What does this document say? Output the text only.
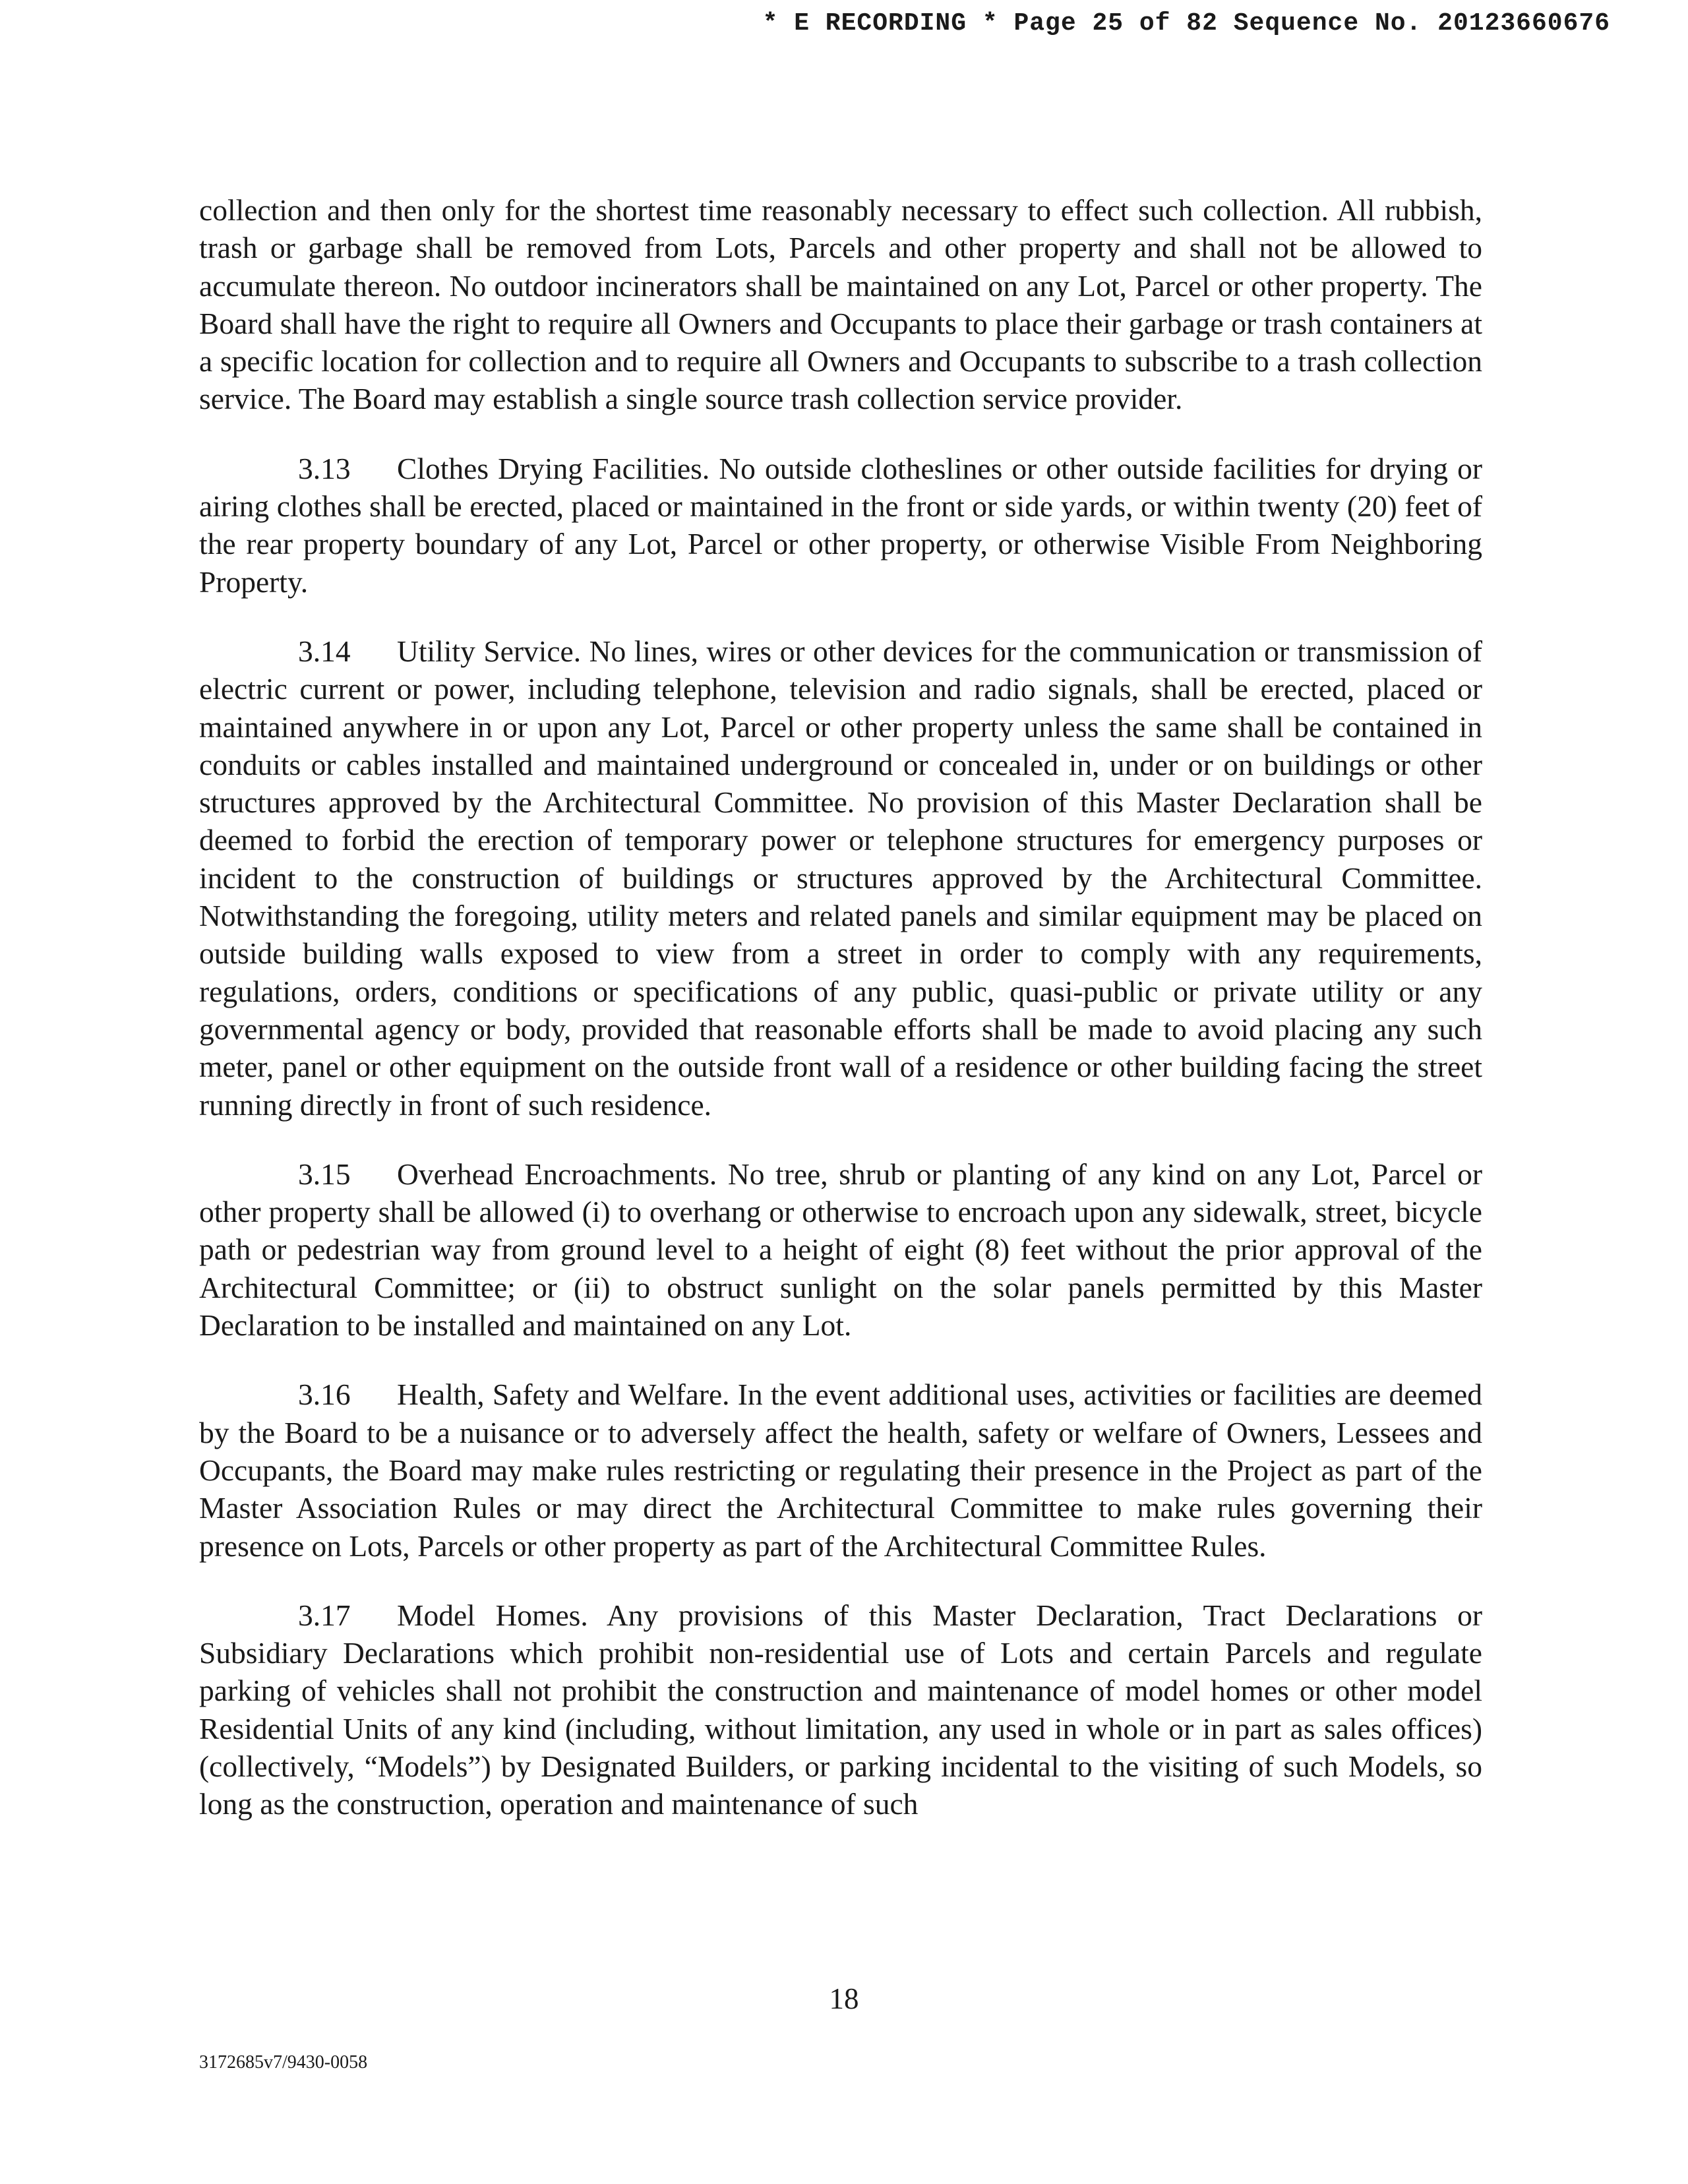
* E RECORDING * Page 25 of 82 Sequence No. 20123660676

collection and then only for the shortest time reasonably necessary to effect such collection. All rubbish, trash or garbage shall be removed from Lots, Parcels and other property and shall not be allowed to accumulate thereon. No outdoor incinerators shall be maintained on any Lot, Parcel or other property. The Board shall have the right to require all Owners and Occupants to place their garbage or trash containers at a specific location for collection and to require all Owners and Occupants to subscribe to a trash collection service. The Board may establish a single source trash collection service provider.

3.13 Clothes Drying Facilities. No outside clotheslines or other outside facilities for drying or airing clothes shall be erected, placed or maintained in the front or side yards, or within twenty (20) feet of the rear property boundary of any Lot, Parcel or other property, or otherwise Visible From Neighboring Property.

3.14 Utility Service. No lines, wires or other devices for the communication or transmission of electric current or power, including telephone, television and radio signals, shall be erected, placed or maintained anywhere in or upon any Lot, Parcel or other property unless the same shall be contained in conduits or cables installed and maintained underground or concealed in, under or on buildings or other structures approved by the Architectural Committee. No provision of this Master Declaration shall be deemed to forbid the erection of temporary power or telephone structures for emergency purposes or incident to the construction of buildings or structures approved by the Architectural Committee. Notwithstanding the foregoing, utility meters and related panels and similar equipment may be placed on outside building walls exposed to view from a street in order to comply with any requirements, regulations, orders, conditions or specifications of any public, quasi-public or private utility or any governmental agency or body, provided that reasonable efforts shall be made to avoid placing any such meter, panel or other equipment on the outside front wall of a residence or other building facing the street running directly in front of such residence.

3.15 Overhead Encroachments. No tree, shrub or planting of any kind on any Lot, Parcel or other property shall be allowed (i) to overhang or otherwise to encroach upon any sidewalk, street, bicycle path or pedestrian way from ground level to a height of eight (8) feet without the prior approval of the Architectural Committee; or (ii) to obstruct sunlight on the solar panels permitted by this Master Declaration to be installed and maintained on any Lot.

3.16 Health, Safety and Welfare. In the event additional uses, activities or facilities are deemed by the Board to be a nuisance or to adversely affect the health, safety or welfare of Owners, Lessees and Occupants, the Board may make rules restricting or regulating their presence in the Project as part of the Master Association Rules or may direct the Architectural Committee to make rules governing their presence on Lots, Parcels or other property as part of the Architectural Committee Rules.

3.17 Model Homes. Any provisions of this Master Declaration, Tract Declarations or Subsidiary Declarations which prohibit non-residential use of Lots and certain Parcels and regulate parking of vehicles shall not prohibit the construction and maintenance of model homes or other model Residential Units of any kind (including, without limitation, any used in whole or in part as sales offices) (collectively, “Models”) by Designated Builders, or parking incidental to the visiting of such Models, so long as the construction, operation and maintenance of such

18
3172685v7/9430-0058
